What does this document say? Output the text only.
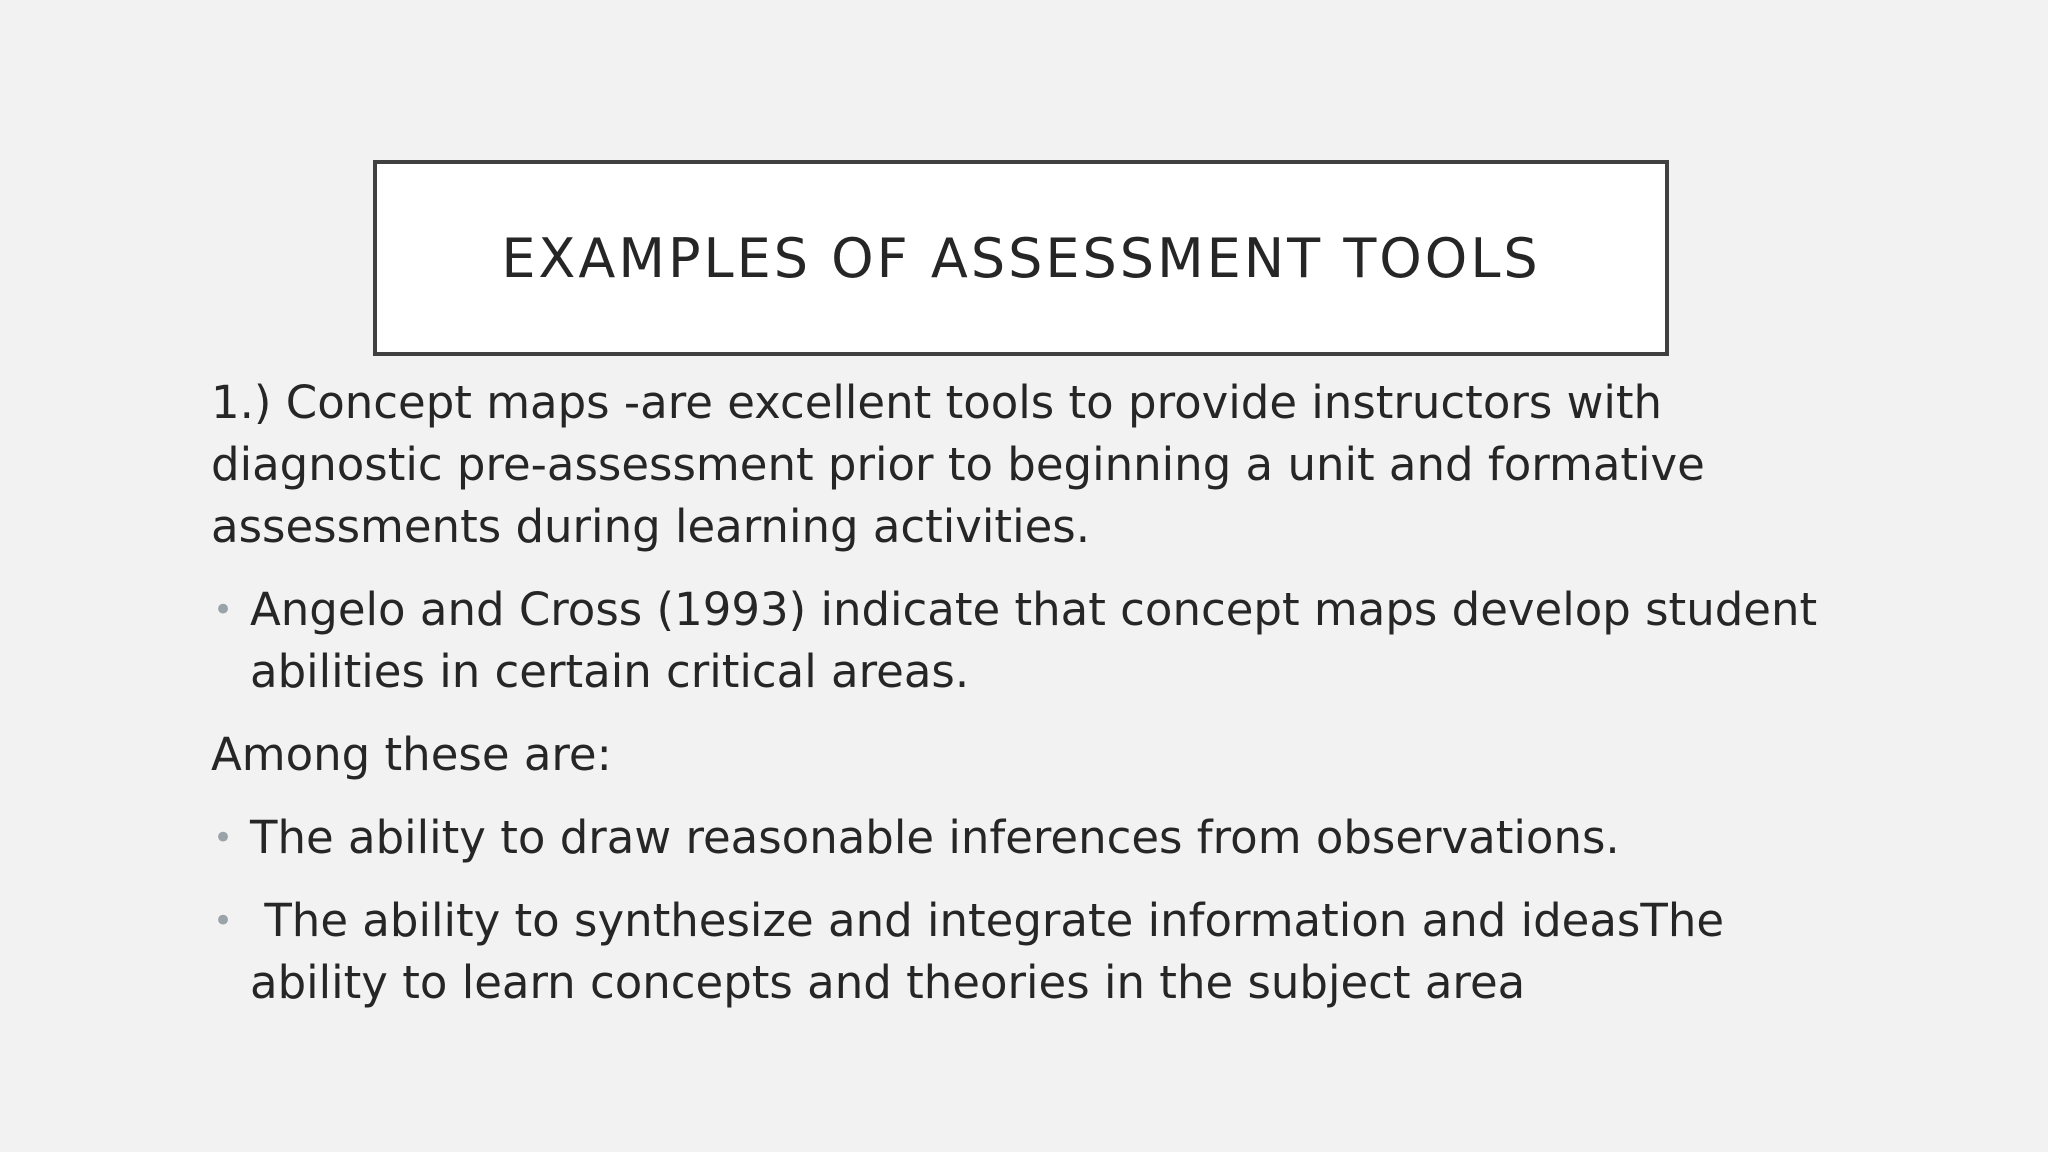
EXAMPLES OF ASSESSMENT TOOLS

1.) Concept maps -are excellent tools to provide instructors with diagnostic pre-assessment prior to beginning a unit and formative assessments during learning activities.

• Angelo and Cross (1993) indicate that concept maps develop student abilities in certain critical areas.

Among these are:

• The ability to draw reasonable inferences from observations.

• The ability to synthesize and integrate information and ideasThe ability to learn concepts and theories in the subject area
